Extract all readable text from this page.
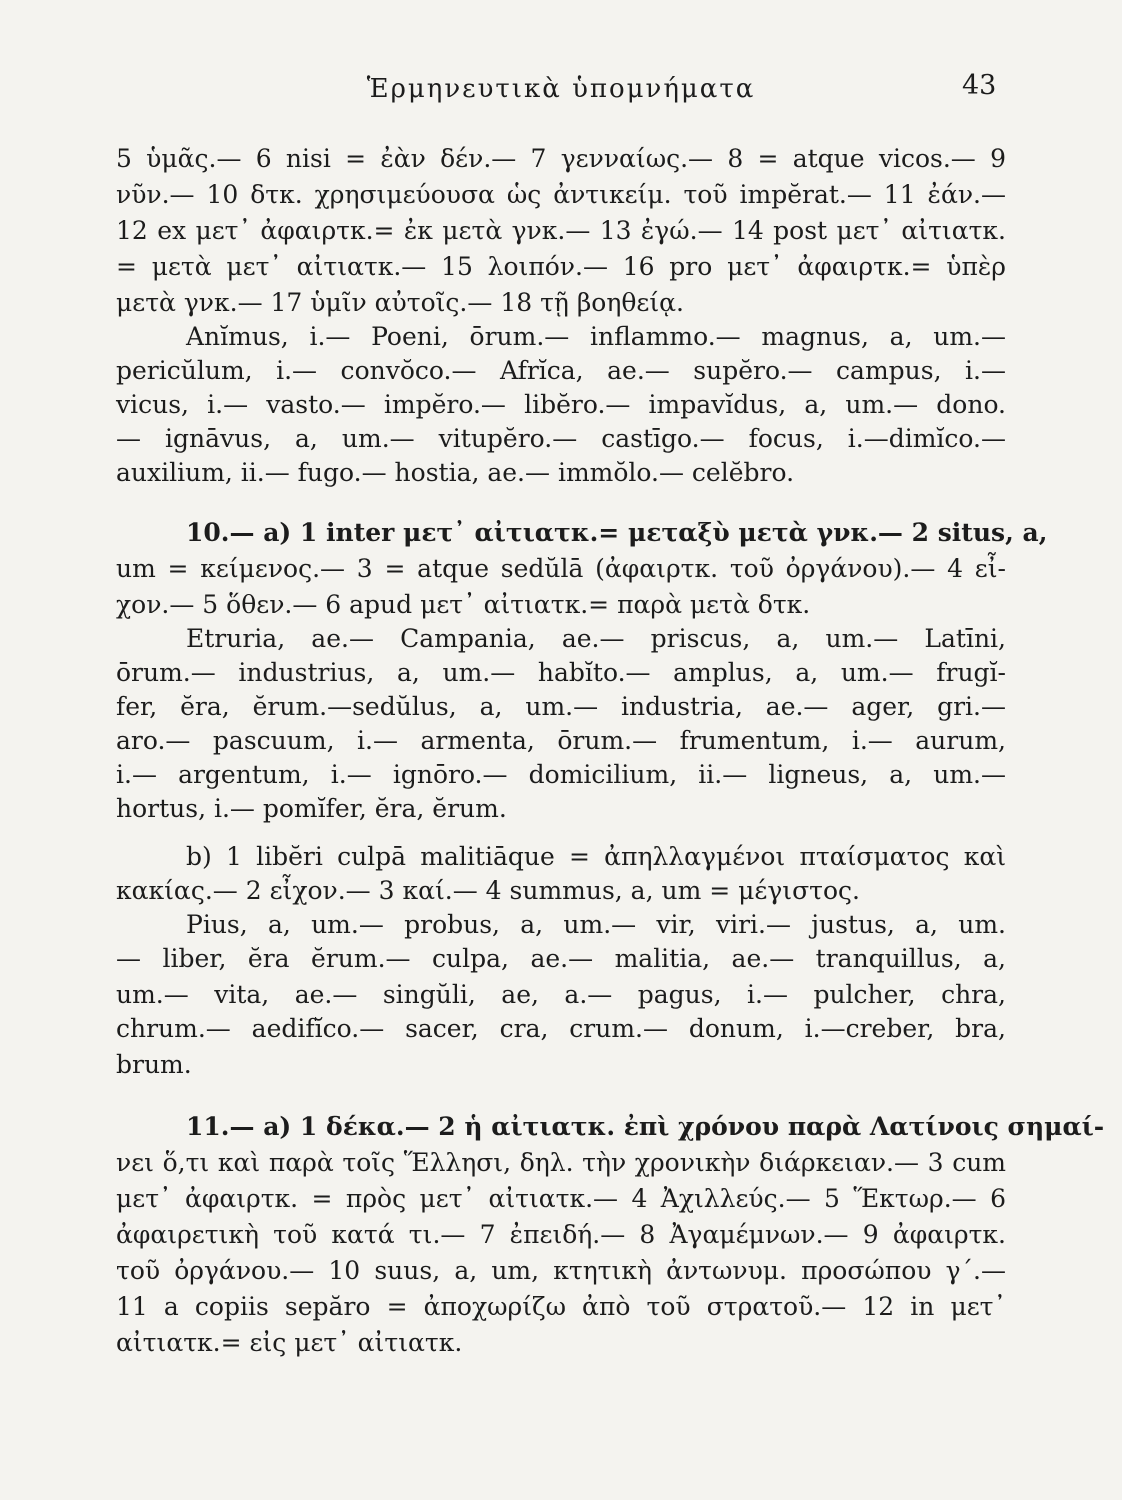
Ἑρμηνευτικὰ ὑπομνήματα	43
5 ὑμᾶς.— 6 nisi = ἐὰν δέν.— 7 γενναίως.— 8 = atque vicos.— 9
νῦν.— 10 δτκ. χρησιμεύουσα ὡς ἀντικείμ. τοῦ impĕrat.— 11 ἐάν.—
12 ex μετ᾿ ἀφαιρτκ.= ἐκ μετὰ γνκ.— 13 ἐγώ.— 14 post μετ᾿ αἰτιατκ.
= μετὰ μετ᾿ αἰτιατκ.— 15 λοιπόν.— 16 pro μετ᾿ ἀφαιρτκ.= ὑπὲρ
μετὰ γνκ.— 17 ὑμῖν αὐτοῖς.— 18 τῇ βοηθείᾳ.
Anĭmus, i.— Poeni, ōrum.— inflammo.— magnus, a, um.—
pericŭlum, i.— convŏco.— Afrĭca, ae.— supĕro.— campus, i.—
vicus, i.— vasto.— impĕro.— libĕro.— impavĭdus, a, um.— dono.
— ignāvus, a, um.— vitupĕro.— castīgo.— focus, i.—dimĭco.—
auxilium, ii.— fugo.— hostia, ae.— immŏlo.— celĕbro.
10.— a) 1 inter μετ᾿ αἰτιατκ.= μεταξὺ μετὰ γνκ.— 2 situs, a,
um = κείμενος.— 3 = atque sedŭlā (ἀφαιρτκ. τοῦ ὀργάνου).— 4 εἶ-
χον.— 5 ὅθεν.— 6 apud μετ᾿ αἰτιατκ.= παρὰ μετὰ δτκ.
Etruria, ae.— Campania, ae.— priscus, a, um.— Latīni,
ōrum.— industrius, a, um.— habĭto.— amplus, a, um.— frugĭ-
fer, ĕra, ĕrum.—sedŭlus, a, um.— industria, ae.— ager, gri.—
aro.— pascuum, i.— armenta, ōrum.— frumentum, i.— aurum,
i.— argentum, i.— ignōro.— domicilium, ii.— ligneus, a, um.—
hortus, i.— pomĭfer, ĕra, ĕrum.
b) 1 libĕri culpā malitiāque = ἀπηλλαγμένοι πταίσματος καὶ
κακίας.— 2 εἶχον.— 3 καί.— 4 summus, a, um = μέγιστος.
Pius, a, um.— probus, a, um.— vir, viri.— justus, a, um.
— liber, ĕra ĕrum.— culpa, ae.— malitia, ae.— tranquillus, a,
um.— vita, ae.— singŭli, ae, a.— pagus, i.— pulcher, chra,
chrum.— aedifĭco.— sacer, cra, crum.— donum, i.—creber, bra,
brum.
11.— a) 1 δέκα.— 2 ἡ αἰτιατκ. ἐπὶ χρόνου παρὰ Λατίνοις σημαί-
νει ὅ,τι καὶ παρὰ τοῖς Ἕλλησι, δηλ. τὴν χρονικὴν διάρκειαν.— 3 cum
μετ᾿ ἀφαιρτκ. = πρὸς μετ᾿ αἰτιατκ.— 4 Ἀχιλλεύς.— 5 Ἕκτωρ.— 6
ἀφαιρετικὴ τοῦ κατά τι.— 7 ἐπειδή.— 8 Ἀγαμέμνων.— 9 ἀφαιρτκ.
τοῦ ὀργάνου.— 10 suus, a, um, κτητικὴ ἀντωνυμ. προσώπου γ΄.—
11 a copiis sepăro = ἀποχωρίζω ἀπὸ τοῦ στρατοῦ.— 12 in μετ᾿
αἰτιατκ.= εἰς μετ᾿ αἰτιατκ.
